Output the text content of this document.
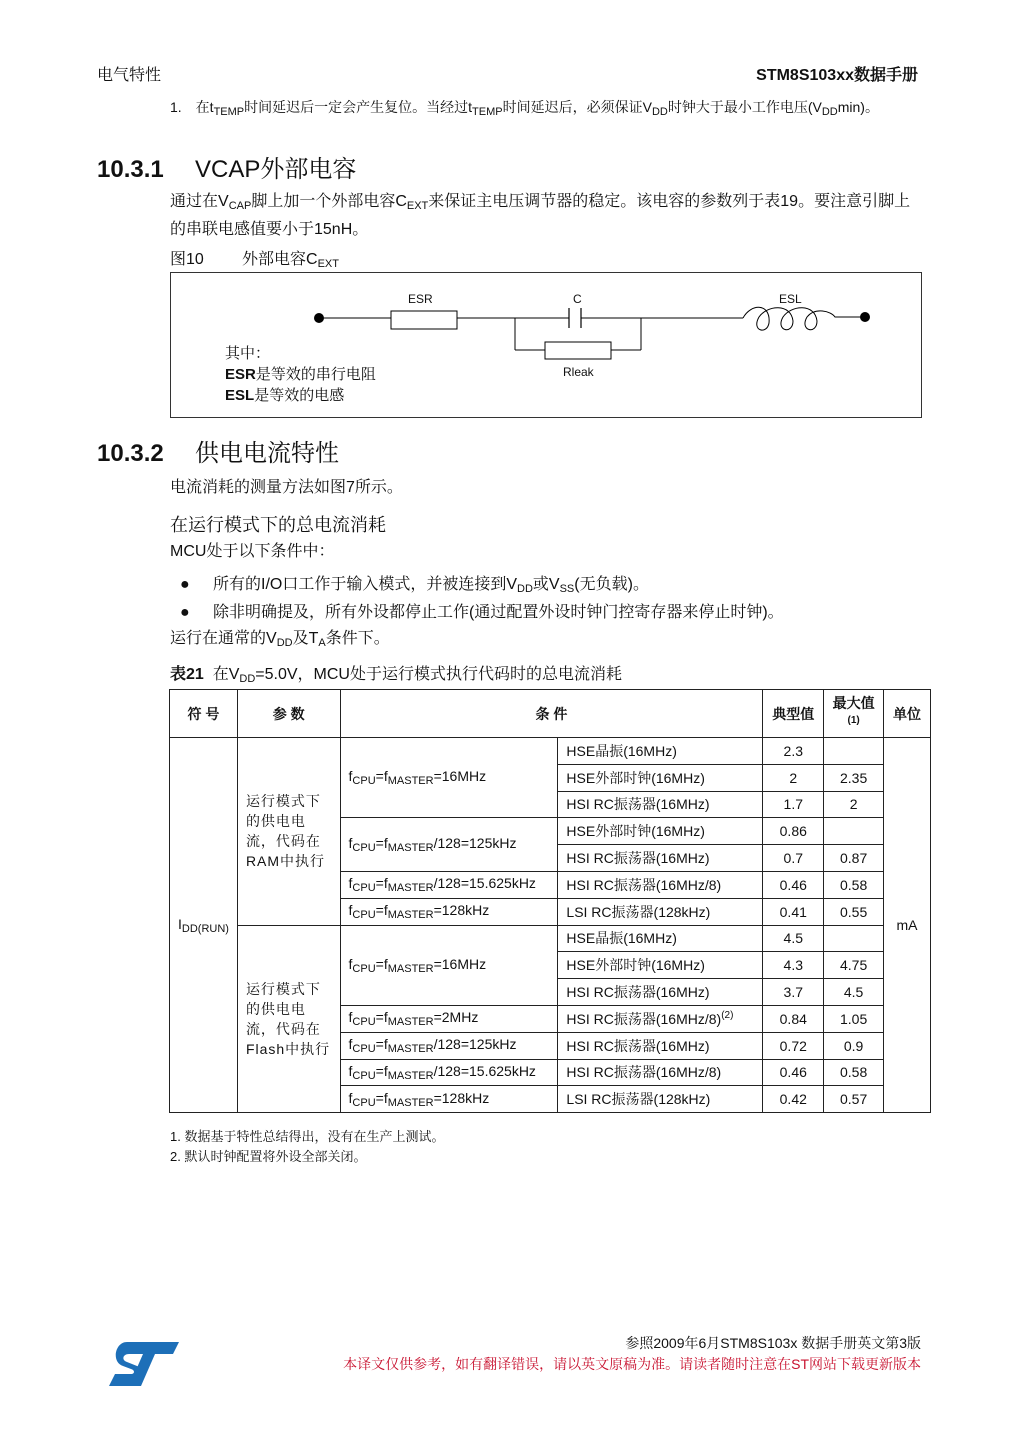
电气特性	STM8S103xx数据手册
1.　在$t_{TEMP}$时间延迟后一定会产生复位。当经过$t_{TEMP}$时间延迟后，必须保证$V_{DD}$时钟大于最小工作电压$(V_{DD}\min)$。
10.3.1 VCAP外部电容
通过在$V_{CAP}$脚上加一个外部电容$C_{EXT}$来保证主电压调节器的稳定。该电容的参数列于表19。要注意引脚上的串联电感值要小于15nH。
图10 外部电容$C_{EXT}$
ESR	C	ESL
Rleak
其中：
ESR是等效的串行电阻
ESL是等效的电感
10.3.2 供电电流特性
电流消耗的测量方法如图7所示。
在运行模式下的总电流消耗
MCU处于以下条件中：
● 所有的I/O口工作于输入模式，并被连接到$V_{DD}$或$V_{SS}$(无负载)。
● 除非明确提及，所有外设都停止工作(通过配置外设时钟门控寄存器来停止时钟)。
运行在通常的$V_{DD}$及$T_A$条件下。
表21 在$V_{DD}=5.0V$，MCU处于运行模式执行代码时的总电流消耗
符 号	参 数	条 件		典型值	最大值$^{(1)}$	单位
$I_{DD(RUN)}$	运行模式下的供电电流，代码在RAM中执行	$f_{CPU}=f_{MASTER}=16MHz$	HSE晶振(16MHz)	2.3		mA
			HSE外部时钟(16MHz)	2	2.35	
			HSI RC振荡器(16MHz)	1.7	2	
		$f_{CPU}=f_{MASTER}/128=125kHz$	HSE外部时钟(16MHz)	0.86		
			HSI RC振荡器(16MHz)	0.7	0.87	
		$f_{CPU}=f_{MASTER}/128=15.625kHz$	HSI RC振荡器(16MHz/8)	0.46	0.58	
		$f_{CPU}=f_{MASTER}=128kHz$	LSI RC振荡器(128kHz)	0.41	0.55	
	运行模式下的供电电流，代码在Flash中执行	$f_{CPU}=f_{MASTER}=16MHz$	HSE晶振(16MHz)	4.5		
			HSE外部时钟(16MHz)	4.3	4.75	
			HSI RC振荡器(16MHz)	3.7	4.5	
		$f_{CPU}=f_{MASTER}=2MHz$	HSI RC振荡器$(16MHz/8)^{(2)}$	0.84	1.05	
		$f_{CPU}=f_{MASTER}/128=125kHz$	HSI RC振荡器(16MHz)	0.72	0.9	
		$f_{CPU}=f_{MASTER}/128=15.625kHz$	HSI RC振荡器(16MHz/8)	0.46	0.58	
		$f_{CPU}=f_{MASTER}=128kHz$	LSI RC振荡器(128kHz)	0.42	0.57	
1. 数据基于特性总结得出，没有在生产上测试。
2. 默认时钟配置将外设全部关闭。
参照2009年6月STM8S103x 数据手册英文第3版
本译文仅供参考，如有翻译错误，请以英文原稿为准。请读者随时注意在ST网站下载更新版本
